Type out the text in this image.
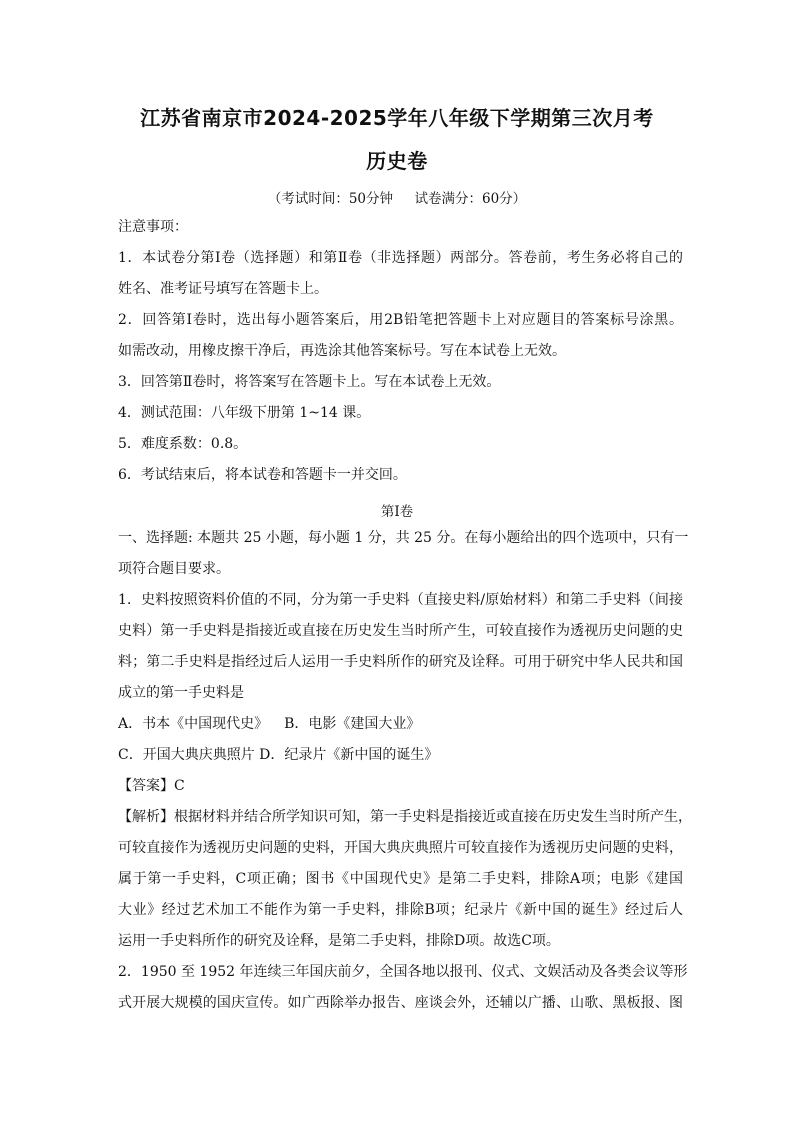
江苏省南京市2024-2025学年八年级下学期第三次月考
历史卷
（考试时间：50分钟     试卷满分：60分）
注意事项：
1．本试卷分第Ⅰ卷（选择题）和第Ⅱ卷（非选择题）两部分。答卷前，考生务必将自己的
姓名、准考证号填写在答题卡上。
2．回答第Ⅰ卷时，选出每小题答案后，用2B铅笔把答题卡上对应题目的答案标号涂黑。
如需改动，用橡皮擦干净后，再选涂其他答案标号。写在本试卷上无效。
3．回答第Ⅱ卷时，将答案写在答题卡上。写在本试卷上无效。
4．测试范围：八年级下册第 1~14 课。
5．难度系数：0.8。
6．考试结束后，将本试卷和答题卡一并交回。
第Ⅰ卷
一、选择题: 本题共 25 小题，每小题 1 分，共 25 分。在每小题给出的四个选项中，只有一
项符合题目要求。
1．史料按照资料价值的不同，分为第一手史料（直接史料/原始材料）和第二手史料（间接
史料）第一手史料是指接近或直接在历史发生当时所产生，可较直接作为透视历史问题的史
料；第二手史料是指经过后人运用一手史料所作的研究及诠释。可用于研究中华人民共和国
成立的第一手史料是
A．书本《中国现代史》 B．电影《建国大业》
C．开国大典庆典照片 D．纪录片《新中国的诞生》
【答案】C
【解析】根据材料并结合所学知识可知，第一手史料是指接近或直接在历史发生当时所产生，
可较直接作为透视历史问题的史料，开国大典庆典照片可较直接作为透视历史问题的史料，
属于第一手史料，C项正确；图书《中国现代史》是第二手史料，排除A项；电影《建国
大业》经过艺术加工不能作为第一手史料，排除B项；纪录片《新中国的诞生》经过后人
运用一手史料所作的研究及诠释，是第二手史料，排除D项。故选C项。
2．1950 至 1952 年连续三年国庆前夕，全国各地以报刊、仪式、文娱活动及各类会议等形
式开展大规模的国庆宣传。如广西除举办报告、座谈会外，还辅以广播、山歌、黑板报、图
